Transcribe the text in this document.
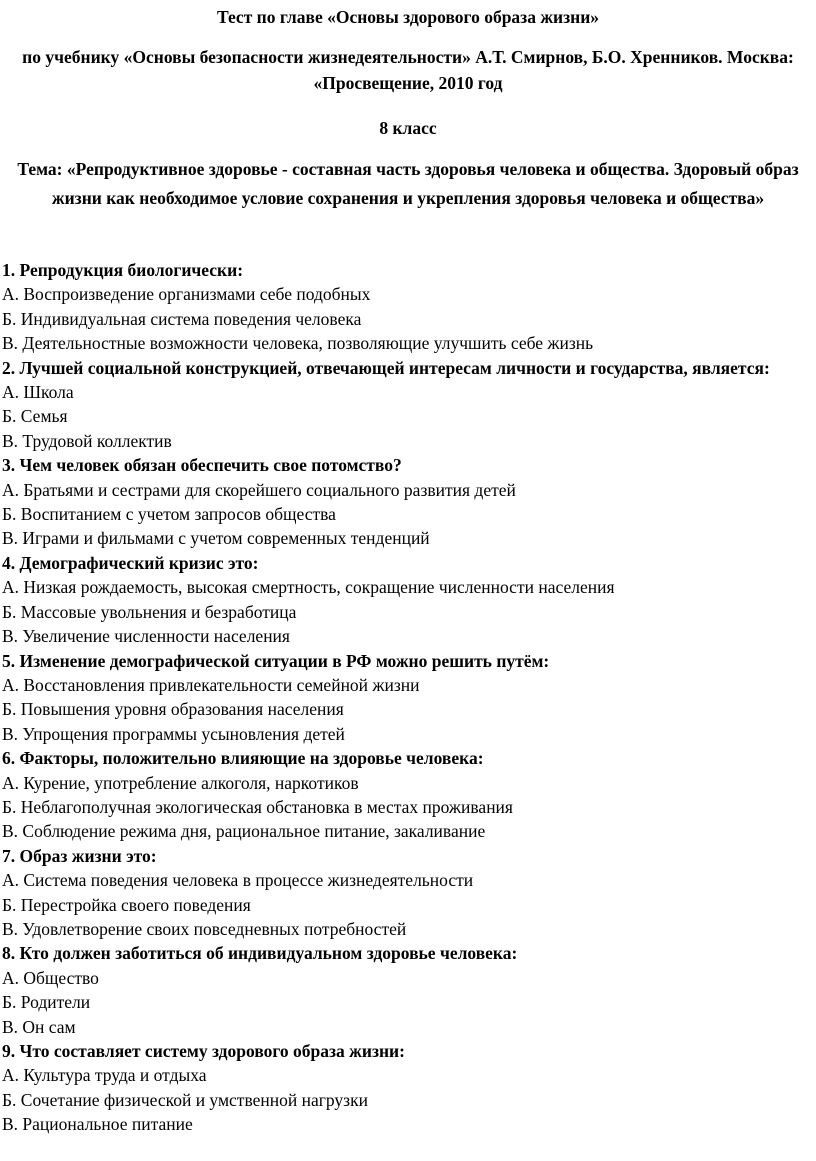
Тест по главе «Основы здорового образа жизни»

по учебнику «Основы безопасности жизнедеятельности» А.Т. Смирнов, Б.О. Хренников. Москва: «Просвещение, 2010 год

8 класс

Тема: «Репродуктивное здоровье - составная часть здоровья человека и общества. Здоровый образ жизни как необходимое условие сохранения и укрепления здоровья человека и общества»

1. Репродукция биологически:

А. Воспроизведение организмами себе подобных

Б. Индивидуальная система поведения человека

В. Деятельностные возможности человека, позволяющие улучшить себе жизнь

2. Лучшей социальной конструкцией, отвечающей интересам личности и государства, является:

А. Школа

Б. Семья

В. Трудовой коллектив

3. Чем человек обязан обеспечить свое потомство?

А. Братьями и сестрами для скорейшего социального развития детей

Б. Воспитанием с учетом запросов общества

В. Играми и фильмами с учетом современных тенденций

4. Демографический кризис это:

А. Низкая рождаемость, высокая смертность, сокращение численности населения

Б. Массовые увольнения и безработица

В. Увеличение численности населения

5. Изменение демографической ситуации в РФ можно решить путём:

А. Восстановления привлекательности семейной жизни

Б. Повышения уровня образования населения

В. Упрощения программы усыновления детей

6. Факторы, положительно влияющие на здоровье человека:

А. Курение, употребление алкоголя, наркотиков

Б. Неблагополучная экологическая обстановка в местах проживания

В. Соблюдение режима дня, рациональное питание, закаливание

7. Образ жизни это:

А. Система поведения человека в процессе жизнедеятельности

Б. Перестройка своего поведения

В. Удовлетворение своих повседневных потребностей

8. Кто должен заботиться об индивидуальном здоровье человека:

А. Общество

Б. Родители

В. Он сам

9. Что составляет систему здорового образа жизни:

А. Культура труда и отдыха

Б. Сочетание физической и умственной нагрузки

В. Рациональное питание
